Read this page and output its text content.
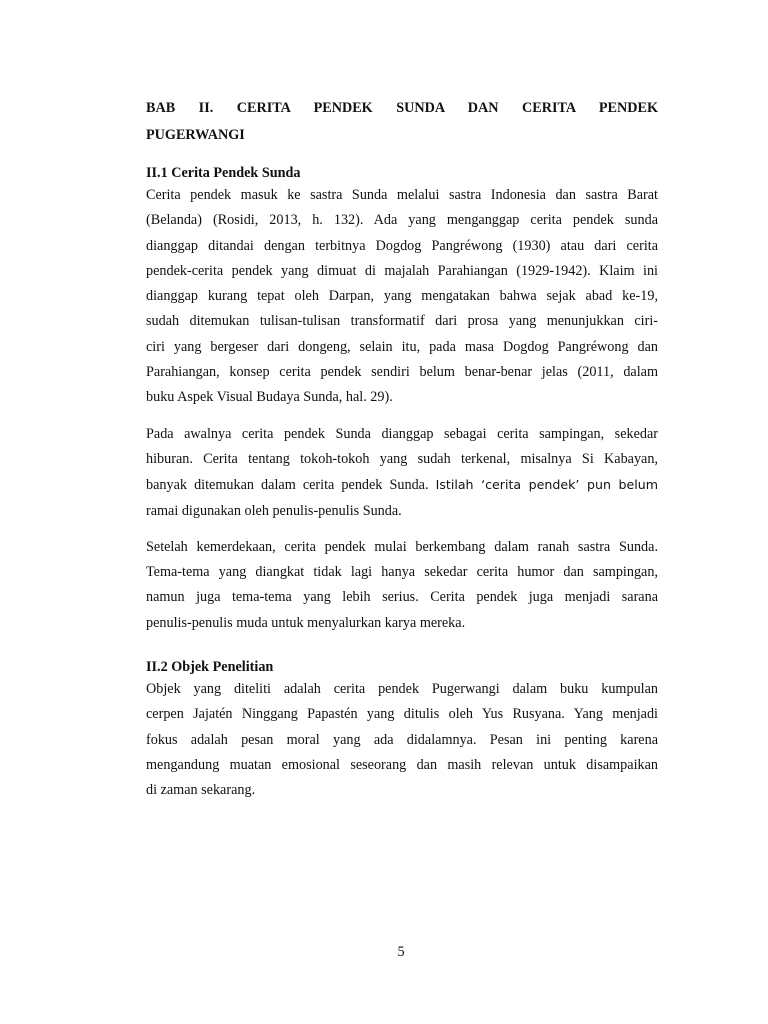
BAB II. CERITA PENDEK SUNDA DAN CERITA PENDEK
PUGERWANGI
II.1 Cerita Pendek Sunda

Cerita pendek masuk ke sastra Sunda melalui sastra Indonesia dan sastra Barat
(Belanda) (Rosidi, 2013, h. 132). Ada yang menganggap cerita pendek sunda
dianggap ditandai dengan terbitnya Dogdog Pangréwong (1930) atau dari cerita
pendek-cerita pendek yang dimuat di majalah Parahiangan (1929-1942). Klaim ini
dianggap kurang tepat oleh Darpan, yang mengatakan bahwa sejak abad ke-19,
sudah ditemukan tulisan-tulisan transformatif dari prosa yang menunjukkan ciri-
ciri yang bergeser dari dongeng, selain itu, pada masa Dogdog Pangréwong dan
Parahiangan, konsep cerita pendek sendiri belum benar-benar jelas (2011, dalam
buku Aspek Visual Budaya Sunda, hal. 29).

Pada awalnya cerita pendek Sunda dianggap sebagai cerita sampingan, sekedar
hiburan. Cerita tentang tokoh-tokoh yang sudah terkenal, misalnya Si Kabayan,
banyak ditemukan dalam cerita pendek Sunda. Istilah ‘cerita pendek’ pun belum
ramai digunakan oleh penulis-penulis Sunda.

Setelah kemerdekaan, cerita pendek mulai berkembang dalam ranah sastra Sunda.
Tema-tema yang diangkat tidak lagi hanya sekedar cerita humor dan sampingan,
namun juga tema-tema yang lebih serius. Cerita pendek juga menjadi sarana
penulis-penulis muda untuk menyalurkan karya mereka.

II.2 Objek Penelitian

Objek yang diteliti adalah cerita pendek Pugerwangi dalam buku kumpulan
cerpen Jajatén Ninggang Papastén yang ditulis oleh Yus Rusyana. Yang menjadi
fokus adalah pesan moral yang ada didalamnya. Pesan ini penting karena
mengandung muatan emosional seseorang dan masih relevan untuk disampaikan
di zaman sekarang.

5
